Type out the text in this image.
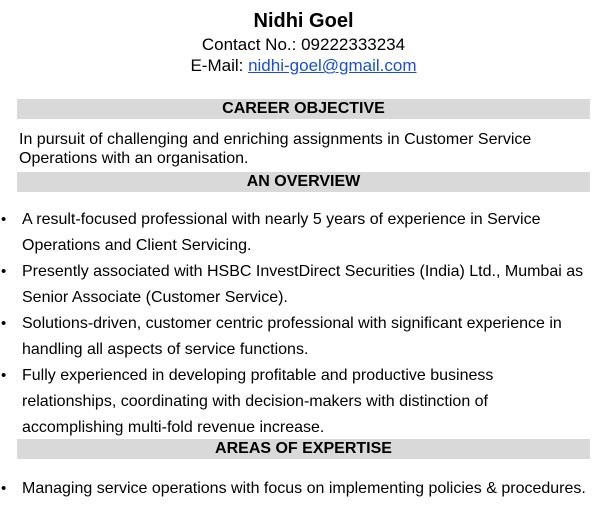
Nidhi Goel
Contact No.: 09222333234
E-Mail: nidhi-goel@gmail.com
CAREER OBJECTIVE
In pursuit of challenging and enriching assignments in Customer Service Operations with an organisation.
AN OVERVIEW
• A result-focused professional with nearly 5 years of experience in Service Operations and Client Servicing.
• Presently associated with HSBC InvestDirect Securities (India) Ltd., Mumbai as Senior Associate (Customer Service).
• Solutions-driven, customer centric professional with significant experience in handling all aspects of service functions.
• Fully experienced in developing profitable and productive business relationships, coordinating with decision-makers with distinction of accomplishing multi-fold revenue increase.
AREAS OF EXPERTISE
• Managing service operations with focus on implementing policies & procedures.
